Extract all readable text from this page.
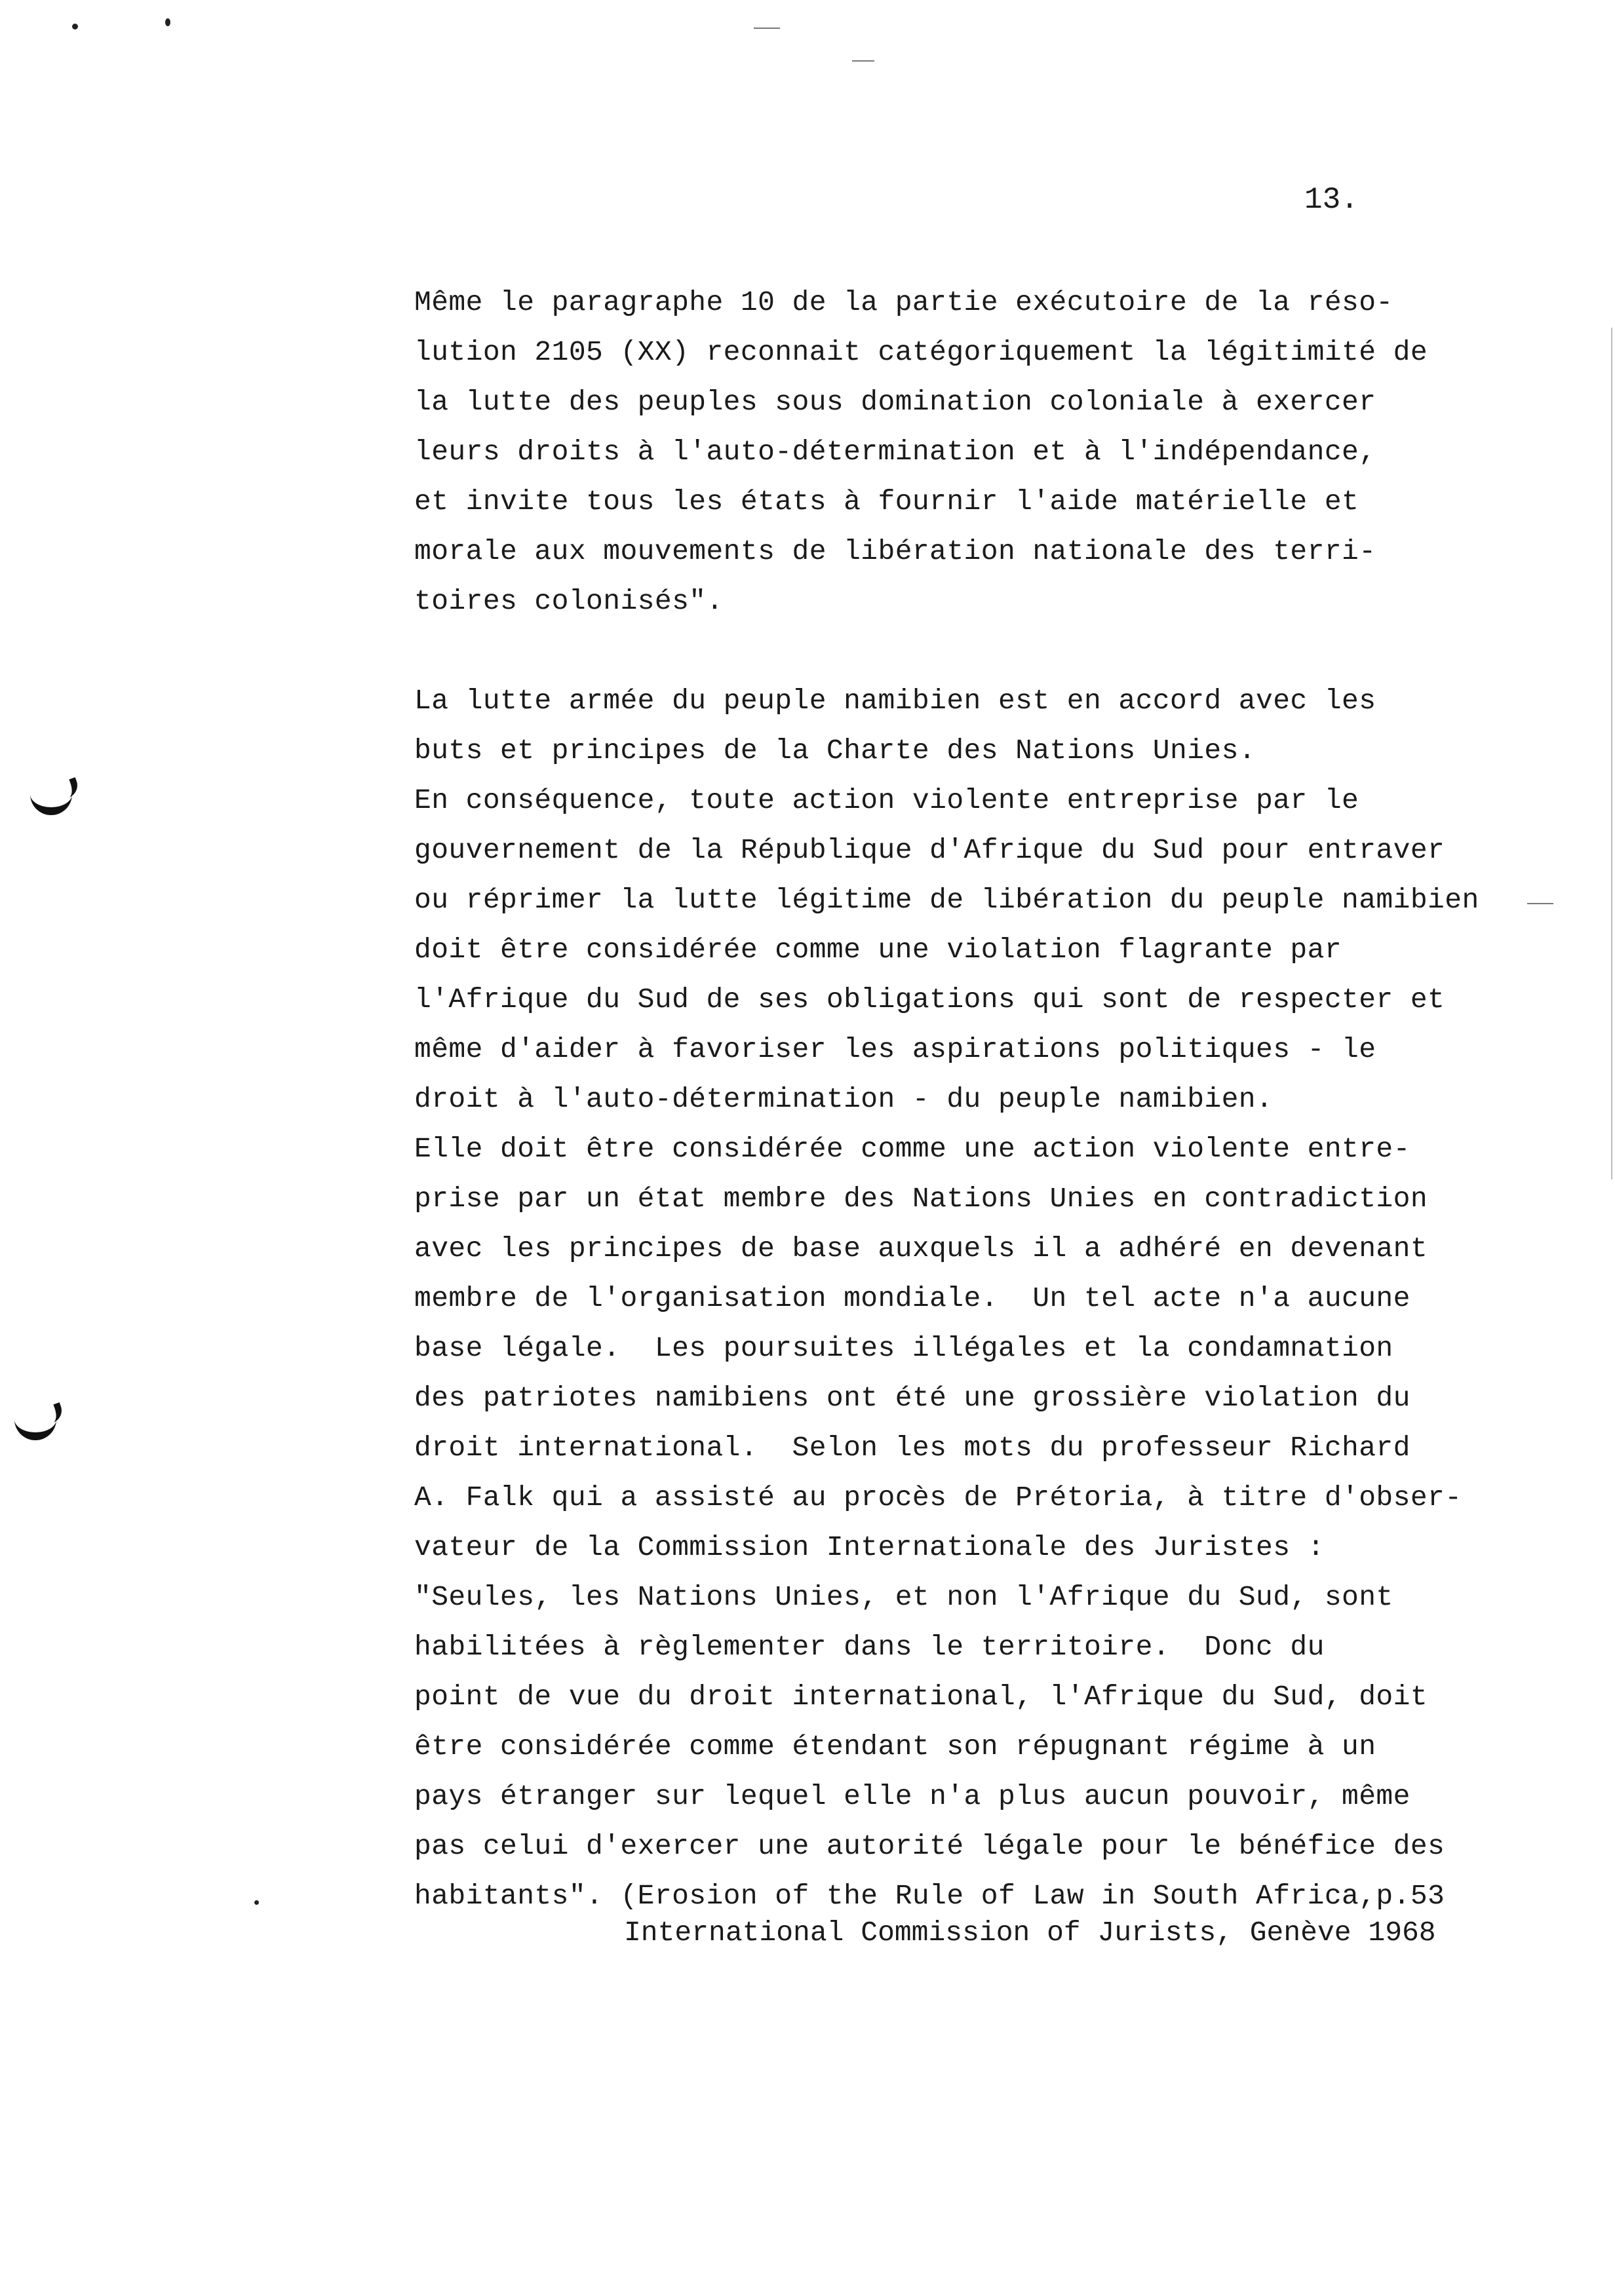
13.
Même le paragraphe 10 de la partie exécutoire de la réso-
lution 2105 (XX) reconnait catégoriquement la légitimité de
la lutte des peuples sous domination coloniale à exercer
leurs droits à l'auto-détermination et à l'indépendance,
et invite tous les états à fournir l'aide matérielle et
morale aux mouvements de libération nationale des terri-
toires colonisés".
La lutte armée du peuple namibien est en accord avec les
buts et principes de la Charte des Nations Unies.
En conséquence, toute action violente entreprise par le
gouvernement de la République d'Afrique du Sud pour entraver
ou réprimer la lutte légitime de libération du peuple namibien
doit être considérée comme une violation flagrante par
l'Afrique du Sud de ses obligations qui sont de respecter et
même d'aider à favoriser les aspirations politiques - le
droit à l'auto-détermination - du peuple namibien.
Elle doit être considérée comme une action violente entre-
prise par un état membre des Nations Unies en contradiction
avec les principes de base auxquels il a adhéré en devenant
membre de l'organisation mondiale.  Un tel acte n'a aucune
base légale.  Les poursuites illégales et la condamnation
des patriotes namibiens ont été une grossière violation du
droit international.  Selon les mots du professeur Richard
A. Falk qui a assisté au procès de Prétoria, à titre d'obser-
vateur de la Commission Internationale des Juristes :
"Seules, les Nations Unies, et non l'Afrique du Sud, sont
habilitées à règlementer dans le territoire.  Donc du
point de vue du droit international, l'Afrique du Sud, doit
être considérée comme étendant son répugnant régime à un
pays étranger sur lequel elle n'a plus aucun pouvoir, même
pas celui d'exercer une autorité légale pour le bénéfice des
habitants". (Erosion of the Rule of Law in South Africa,p.53
International Commission of Jurists, Genève 1968
